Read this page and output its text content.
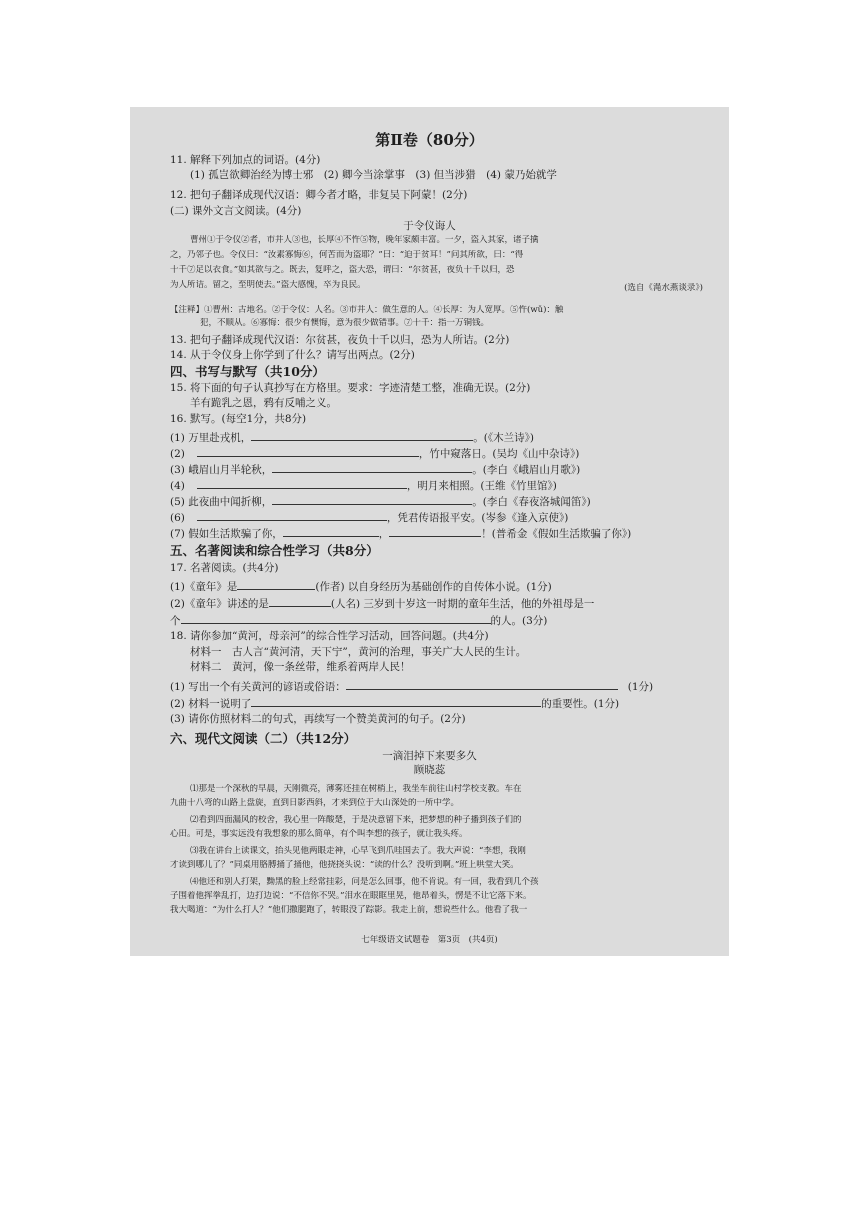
第Ⅱ卷（80分）
11. 解释下列加点的词语。(4分)
(1) 孤岂欲卿治经为博士邪　(2) 卿今当涂掌事　(3) 但当涉猎　(4) 蒙乃始就学
12. 把句子翻译成现代汉语：卿今者才略，非复吴下阿蒙！(2分)
(二) 课外文言文阅读。(4分)
于令仪诲人
曹州①于令仪②者，市井人③也，长厚④不忤⑤物，晚年家颇丰富。一夕，盗入其家，诸子擒
之，乃邻子也。令仪曰：“汝素寡悔⑥，何苦而为盗耶？”曰：“迫于贫耳！”问其所欲，曰：“得
十千⑦足以衣食。”如其欲与之。既去，复呼之，盗大恐，谓曰：“尔贫甚，夜负十千以归，恐
为人所诘。留之，至明使去。”盗大感愧，卒为良民。	(选自《渑水燕谈录》)
【注释】①曹州：古地名。②于令仪：人名。③市井人：做生意的人。④长厚：为人宽厚。⑤忤(wǔ)：触
犯，不顺从。⑥寡悔：很少有懊悔，意为很少做错事。⑦十千：指一万铜钱。
13. 把句子翻译成现代汉语：尔贫甚，夜负十千以归，恐为人所诘。(2分)
14. 从于令仪身上你学到了什么？请写出两点。(2分)
四、书写与默写（共10分）
15. 将下面的句子认真抄写在方格里。要求：字迹清楚工整，准确无误。(2分)
羊有跪乳之恩，鸦有反哺之义。
16. 默写。(每空1分，共8分)
(1) 万里赴戎机，	。(《木兰诗》)
(2)	，竹中窥落日。(吴均《山中杂诗》)
(3) 峨眉山月半轮秋，	。(李白《峨眉山月歌》)
(4)	，明月来相照。(王维《竹里馆》)
(5) 此夜曲中闻折柳，	。(李白《春夜洛城闻笛》)
(6)	，凭君传语报平安。(岑参《逢入京使》)
(7) 假如生活欺骗了你，	，	！(普希金《假如生活欺骗了你》)
五、名著阅读和综合性学习（共8分）
17. 名著阅读。(共4分)
(1)《童年》是	(作者) 以自身经历为基础创作的自传体小说。(1分)
(2)《童年》讲述的是	(人名) 三岁到十岁这一时期的童年生活，他的外祖母是一
个	的人。(3分)
18. 请你参加“黄河，母亲河”的综合性学习活动，回答问题。(共4分)
材料一　古人言“黄河清，天下宁”，黄河的治理，事关广大人民的生计。
材料二　黄河，像一条丝带，维系着两岸人民！
(1) 写出一个有关黄河的谚语或俗语：	(1分)
(2) 材料一说明了	的重要性。(1分)
(3) 请你仿照材料二的句式，再续写一个赞美黄河的句子。(2分)
六、现代文阅读（二）（共12分）
一滴泪掉下来要多久
顾晓蕊
⑴那是一个深秋的早晨，天刚微亮，薄雾还挂在树梢上，我坐车前往山村学校支教。车在
九曲十八弯的山路上盘旋，直到日影西斜，才来到位于大山深处的一所中学。
⑵看到四面漏风的校舍，我心里一阵酸楚，于是决意留下来，把梦想的种子播到孩子们的
心田。可是，事实远没有我想象的那么简单，有个叫李想的孩子，就让我头疼。
⑶我在讲台上读课文，抬头见他两眼走神，心早飞到爪哇国去了。我大声说：“李想，我刚
才读到哪儿了？”同桌用胳膊捅了捅他，他挠挠头说：“读的什么？没听到啊。”班上哄堂大笑。
⑷他还和别人打架，黝黑的脸上经常挂彩，问是怎么回事，他不肯说。有一回，我看到几个孩
子围着他挥拳乱打，边打边说：“不信你不哭。”泪水在眼眶里晃，他昂着头，愣是不让它落下来。
我大喝道：“为什么打人？”他们撒腿跑了，转眼没了踪影。我走上前，想说些什么。他看了我一
七年级语文试题卷　第3页　(共4页)
